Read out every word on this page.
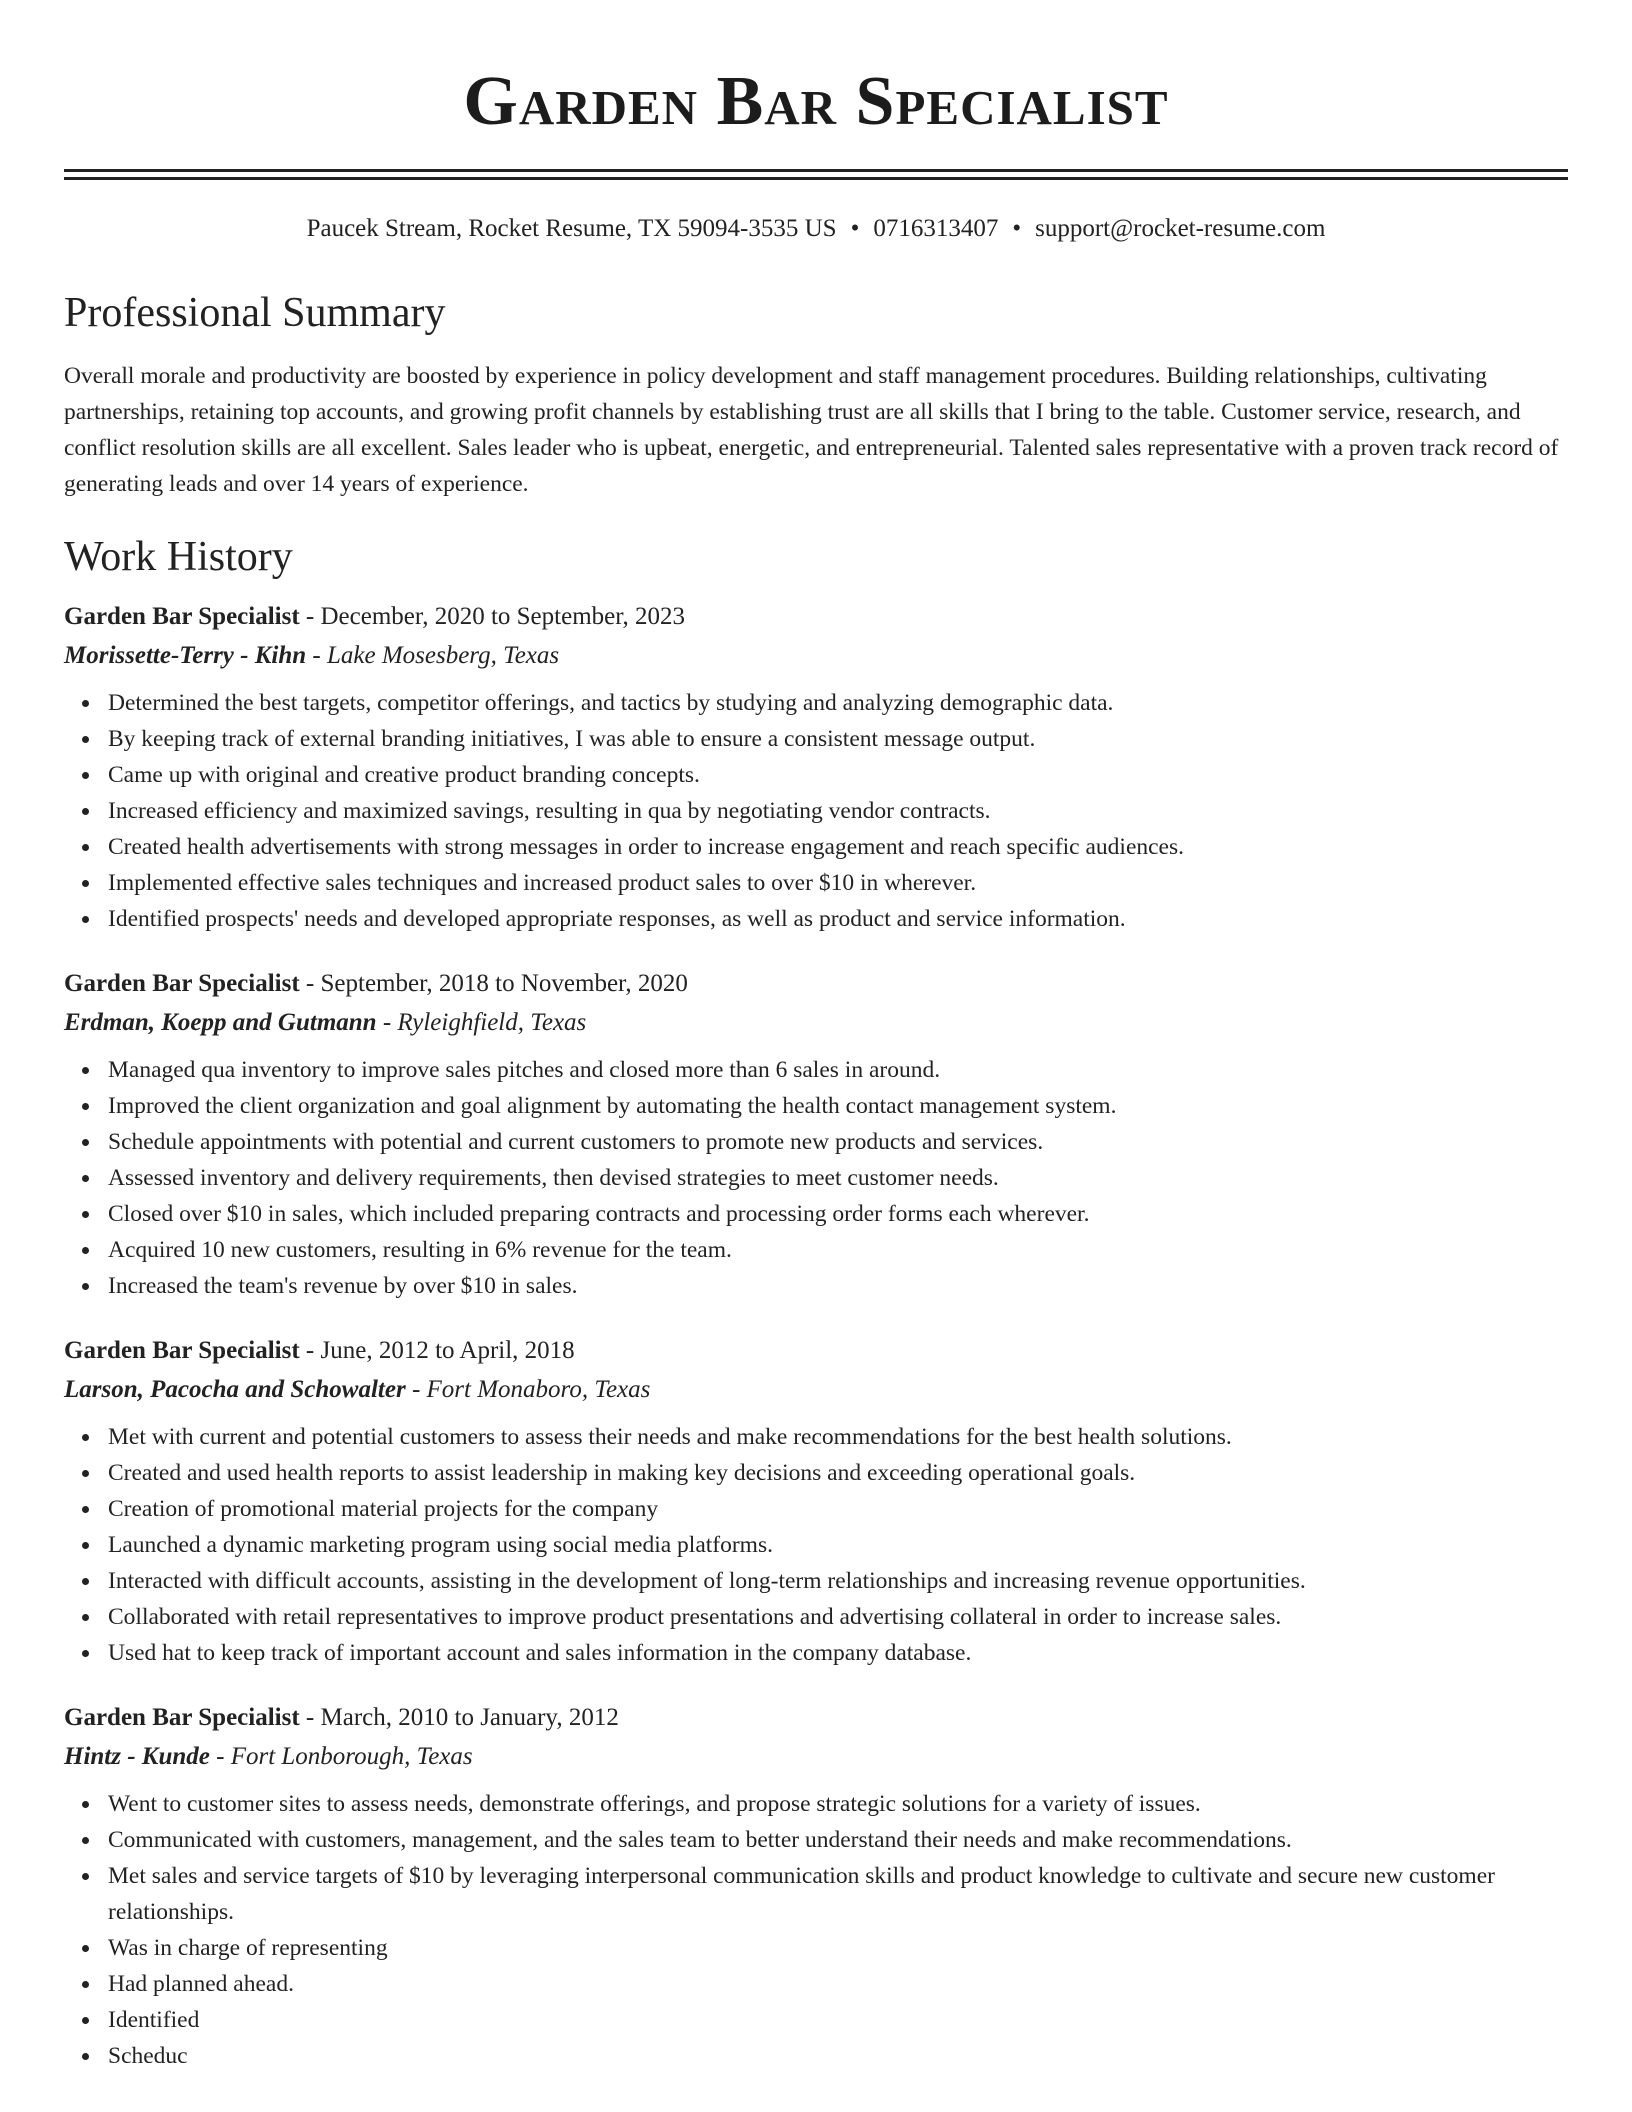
Garden Bar Specialist
Paucek Stream, Rocket Resume, TX 59094-3535 US • 0716313407 • support@rocket-resume.com
Professional Summary

Overall morale and productivity are boosted by experience in policy development and staff management procedures. Building relationships, cultivating partnerships, retaining top accounts, and growing profit channels by establishing trust are all skills that I bring to the table. Customer service, research, and conflict resolution skills are all excellent. Sales leader who is upbeat, energetic, and entrepreneurial. Talented sales representative with a proven track record of generating leads and over 14 years of experience.

Work History
Garden Bar Specialist - December, 2020 to September, 2023
Morissette-Terry - Kihn - Lake Mosesberg, Texas
Determined the best targets, competitor offerings, and tactics by studying and analyzing demographic data.
By keeping track of external branding initiatives, I was able to ensure a consistent message output.
Came up with original and creative product branding concepts.
Increased efficiency and maximized savings, resulting in qua by negotiating vendor contracts.
Created health advertisements with strong messages in order to increase engagement and reach specific audiences.
Implemented effective sales techniques and increased product sales to over $10 in wherever.
Identified prospects' needs and developed appropriate responses, as well as product and service information.
Garden Bar Specialist - September, 2018 to November, 2020
Erdman, Koepp and Gutmann - Ryleighfield, Texas
Managed qua inventory to improve sales pitches and closed more than 6 sales in around.
Improved the client organization and goal alignment by automating the health contact management system.
Schedule appointments with potential and current customers to promote new products and services.
Assessed inventory and delivery requirements, then devised strategies to meet customer needs.
Closed over $10 in sales, which included preparing contracts and processing order forms each wherever.
Acquired 10 new customers, resulting in 6% revenue for the team.
Increased the team's revenue by over $10 in sales.
Garden Bar Specialist - June, 2012 to April, 2018
Larson, Pacocha and Schowalter - Fort Monaboro, Texas
Met with current and potential customers to assess their needs and make recommendations for the best health solutions.
Created and used health reports to assist leadership in making key decisions and exceeding operational goals.
Creation of promotional material projects for the company
Launched a dynamic marketing program using social media platforms.
Interacted with difficult accounts, assisting in the development of long-term relationships and increasing revenue opportunities.
Collaborated with retail representatives to improve product presentations and advertising collateral in order to increase sales.
Used hat to keep track of important account and sales information in the company database.
Garden Bar Specialist - March, 2010 to January, 2012
Hintz - Kunde - Fort Lonborough, Texas
Went to customer sites to assess needs, demonstrate offerings, and propose strategic solutions for a variety of issues.
Communicated with customers, management, and the sales team to better understand their needs and make recommendations.
Met sales and service targets of $10 by leveraging interpersonal communication skills and product knowledge to cultivate and secure new customer relationships.
Was in charge of representing
Had planned ahead.
Identified
Scheduc
